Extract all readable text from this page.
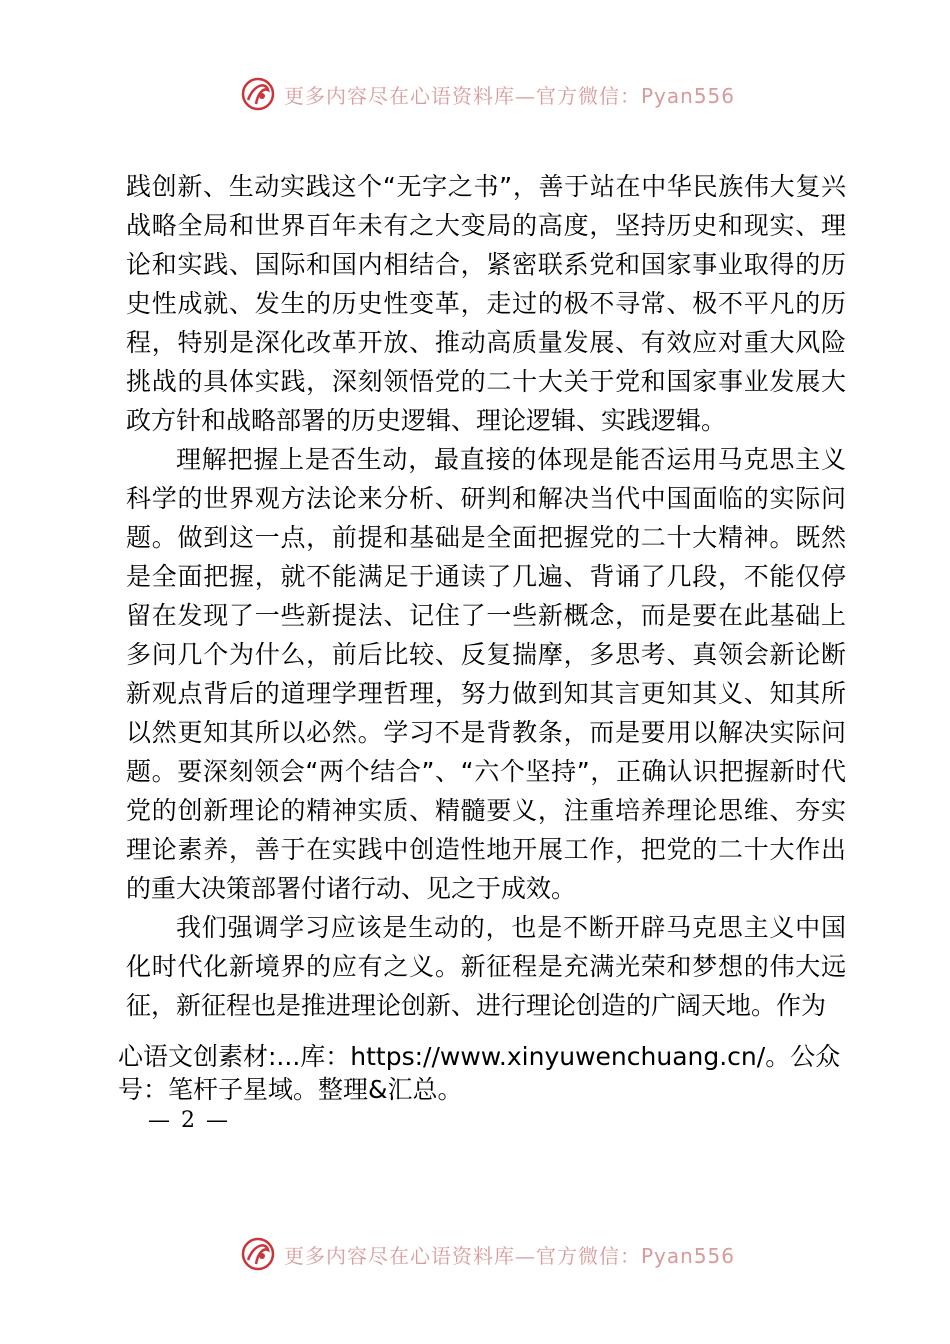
更多内容尽在心语资料库—官方微信：Pyan556

践创新、生动实践这个“无字之书”，善于站在中华民族伟大复兴战略全局和世界百年未有之大变局的高度，坚持历史和现实、理论和实践、国际和国内相结合，紧密联系党和国家事业取得的历史性成就、发生的历史性变革，走过的极不寻常、极不平凡的历程，特别是深化改革开放、推动高质量发展、有效应对重大风险挑战的具体实践，深刻领悟党的二十大关于党和国家事业发展大政方针和战略部署的历史逻辑、理论逻辑、实践逻辑。

理解把握上是否生动，最直接的体现是能否运用马克思主义科学的世界观方法论来分析、研判和解决当代中国面临的实际问题。做到这一点，前提和基础是全面把握党的二十大精神。既然是全面把握，就不能满足于通读了几遍、背诵了几段，不能仅停留在发现了一些新提法、记住了一些新概念，而是要在此基础上多问几个为什么，前后比较、反复揣摩，多思考、真领会新论断新观点背后的道理学理哲理，努力做到知其言更知其义、知其所以然更知其所以必然。学习不是背教条，而是要用以解决实际问题。要深刻领会“两个结合”、“六个坚持”，正确认识把握新时代党的创新理论的精神实质、精髓要义，注重培养理论思维、夯实理论素养，善于在实践中创造性地开展工作，把党的二十大作出的重大决策部署付诸行动、见之于成效。

我们强调学习应该是生动的，也是不断开辟马克思主义中国化时代化新境界的应有之义。新征程是充满光荣和梦想的伟大远征，新征程也是推进理论创新、进行理论创造的广阔天地。作为

心语文创素材:...库：https://www.xinyuwenchuang.cn/。公众号：笔杆子星域。整理&汇总。

— 2 —
更多内容尽在心语资料库—官方微信：Pyan556
